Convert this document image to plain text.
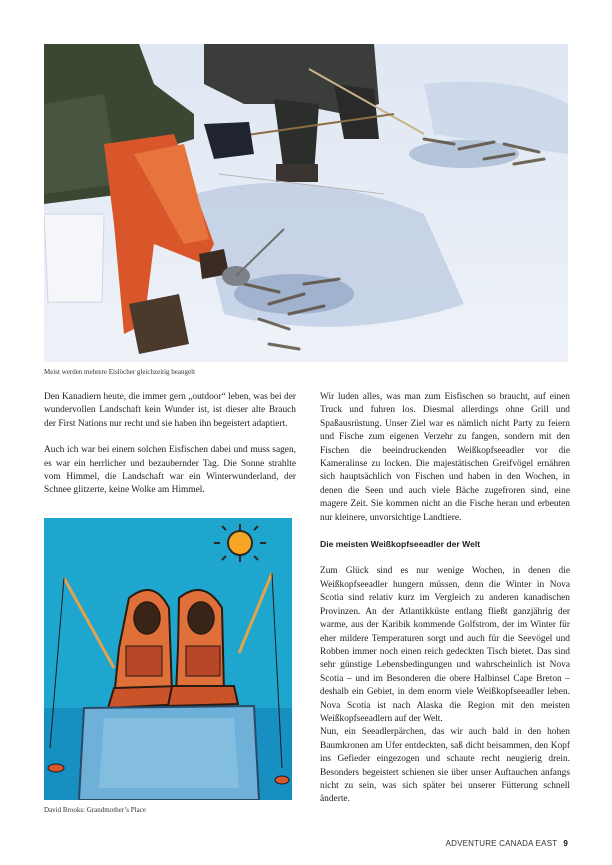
Meist werden mehrere Eislöcher gleichzeitig beangelt

Den Kanadiern heute, die immer gern „outdoor“ leben, was bei der wundervollen Landschaft kein Wunder ist, ist dieser alte Brauch der First Nations nur recht und sie haben ihn begeistert adaptiert.

Auch ich war bei einem solchen Eisfischen dabei und muss sagen, es war ein herrlicher und bezaubernder Tag. Die Sonne strahlte vom Himmel, die Landschaft war ein Winterwunderland, der Schnee glitzerte, keine Wolke am Himmel.

David Brooks: Grandmother’s Place

Wir luden alles, was man zum Eisfischen so braucht, auf einen Truck und fuhren los. Diesmal allerdings ohne Grill und Spaßausrüstung. Unser Ziel war es nämlich nicht Party zu feiern und Fische zum eigenen Verzehr zu fangen, sondern mit den Fischen die beeindruckenden Weißkopfseeadler vor die Kameralinse zu locken. Die majestätischen Greifvögel ernähren sich hauptsächlich von Fischen und haben in den Wochen, in denen die Seen und auch viele Bäche zugefroren sind, eine magere Zeit. Sie kommen nicht an die Fische heran und erbeuten nur kleinere, unvorsichtige Landtiere.

Die meisten Weißkopfseeadler der Welt

Zum Glück sind es nur wenige Wochen, in denen die Weißkopfseeadler hungern müssen, denn die Winter in Nova Scotia sind relativ kurz im Vergleich zu anderen kanadischen Provinzen. An der Atlantikküste entlang fließt ganzjährig der warme, aus der Karibik kommende Golfstrom, der im Winter für eher mildere Temperaturen sorgt und auch für die Seevögel und Robben immer noch einen reich gedeckten Tisch bietet. Das sind sehr günstige Lebensbedingungen und wahrscheinlich ist Nova Scotia – und im Besonderen die obere Halbinsel Cape Breton – deshalb ein Gebiet, in dem enorm viele Weißkopfseeadler leben. Nova Scotia ist nach Alaska die Region mit den meisten Weißkopfseeadlern auf der Welt.

Nun, ein Seeadlerpärchen, das wir auch bald in den hohen Baumkronen am Ufer entdeckten, saß dicht beisammen, den Kopf ins Gefieder eingezogen und schaute recht neugierig drein. Besonders begeistert schienen sie über unser Auftauchen anfangs nicht zu sein, was sich später bei unserer Fütterung schnell änderte.

ADVENTURE CANADA EAST 9
